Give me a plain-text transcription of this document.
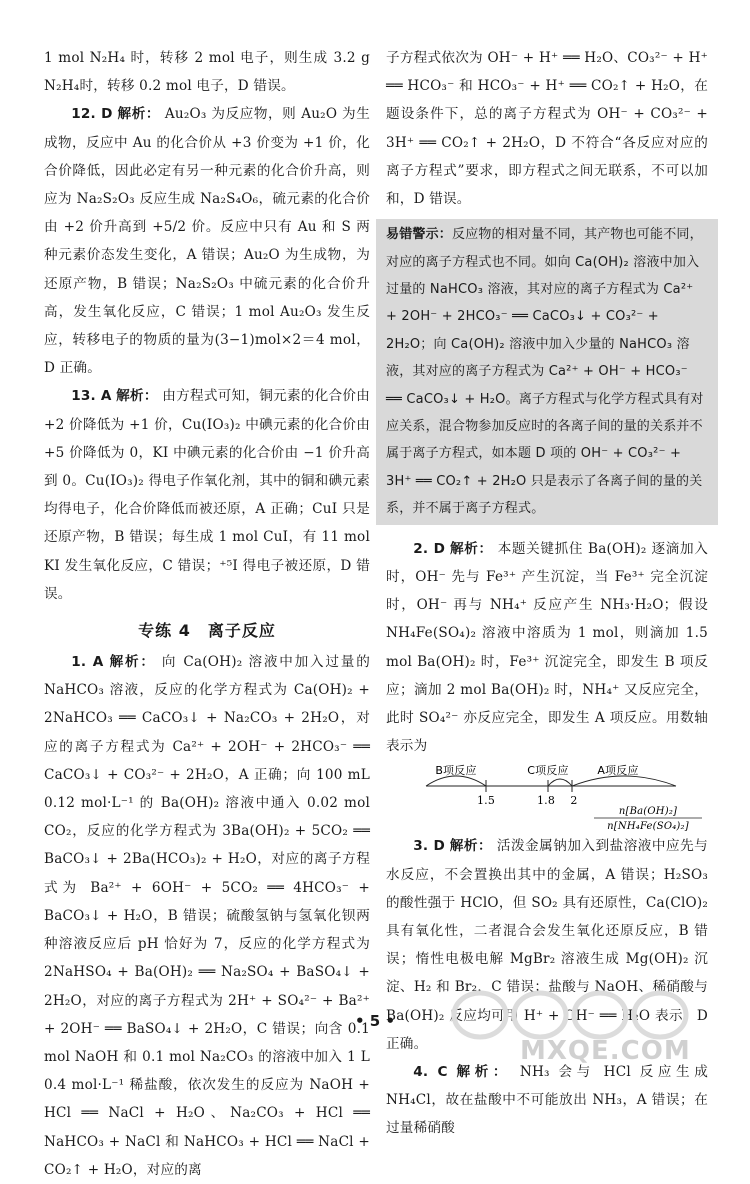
1 mol N₂H₄ 时，转移 2 mol 电子，则生成 3.2 g N₂H₄时，转移 0.2 mol 电子，D 错误。

12. D 解析： Au₂O₃ 为反应物，则 Au₂O 为生成物，反应中 Au 的化合价从 +3 价变为 +1 价，化合价降低，因此必定有另一种元素的化合价升高，则应为 Na₂S₂O₃ 反应生成 Na₂S₄O₆，硫元素的化合价由 +2 价升高到 +5/2 价。反应中只有 Au 和 S 两种元素价态发生变化，A 错误；Au₂O 为生成物，为还原产物，B 错误；Na₂S₂O₃ 中硫元素的化合价升高，发生氧化反应，C 错误；1 mol Au₂O₃ 发生反应，转移电子的物质的量为(3−1)mol×2＝4 mol，D 正确。

13. A 解析： 由方程式可知，铜元素的化合价由 +2 价降低为 +1 价，Cu(IO₃)₂ 中碘元素的化合价由 +5 价降低为 0，KI 中碘元素的化合价由 −1 价升高到 0。Cu(IO₃)₂ 得电子作氧化剂，其中的铜和碘元素均得电子，化合价降低而被还原，A 正确；CuI 只是还原产物，B 错误；每生成 1 mol CuI，有 11 mol KI 发生氧化反应，C 错误；⁺⁵I 得电子被还原，D 错误。

专练 4　离子反应

1. A 解析： 向 Ca(OH)₂ 溶液中加入过量的 NaHCO₃ 溶液，反应的化学方程式为 Ca(OH)₂ + 2NaHCO₃ ══ CaCO₃↓ + Na₂CO₃ + 2H₂O，对应的离子方程式为 Ca²⁺ + 2OH⁻ + 2HCO₃⁻ ══ CaCO₃↓ + CO₃²⁻ + 2H₂O，A 正确；向 100 mL 0.12 mol·L⁻¹ 的 Ba(OH)₂ 溶液中通入 0.02 mol CO₂，反应的化学方程式为 3Ba(OH)₂ + 5CO₂ ══ BaCO₃↓ + 2Ba(HCO₃)₂ + H₂O，对应的离子方程式为 Ba²⁺ + 6OH⁻ + 5CO₂ ══ 4HCO₃⁻ + BaCO₃↓ + H₂O，B 错误；硫酸氢钠与氢氧化钡两种溶液反应后 pH 恰好为 7，反应的化学方程式为 2NaHSO₄ + Ba(OH)₂ ══ Na₂SO₄ + BaSO₄↓ + 2H₂O，对应的离子方程式为 2H⁺ + SO₄²⁻ + Ba²⁺ + 2OH⁻ ══ BaSO₄↓ + 2H₂O，C 错误；向含 0.1 mol NaOH 和 0.1 mol Na₂CO₃ 的溶液中加入 1 L 0.4 mol·L⁻¹ 稀盐酸，依次发生的反应为 NaOH + HCl ══ NaCl + H₂O、Na₂CO₃ + HCl ══ NaHCO₃ + NaCl 和 NaHCO₃ + HCl ══ NaCl + CO₂↑ + H₂O，对应的离

子方程式依次为 OH⁻ + H⁺ ══ H₂O、CO₃²⁻ + H⁺ ══ HCO₃⁻ 和 HCO₃⁻ + H⁺ ══ CO₂↑ + H₂O，在题设条件下，总的离子方程式为 OH⁻ + CO₃²⁻ + 3H⁺ ══ CO₂↑ + 2H₂O，D 不符合“各反应对应的离子方程式”要求，即方程式之间无联系，不可以加和，D 错误。

易错警示：反应物的相对量不同，其产物也可能不同，对应的离子方程式也不同。如向 Ca(OH)₂ 溶液中加入过量的 NaHCO₃ 溶液，其对应的离子方程式为 Ca²⁺ + 2OH⁻ + 2HCO₃⁻ ══ CaCO₃↓ + CO₃²⁻ + 2H₂O；向 Ca(OH)₂ 溶液中加入少量的 NaHCO₃ 溶液，其对应的离子方程式为 Ca²⁺ + OH⁻ + HCO₃⁻ ══ CaCO₃↓ + H₂O。离子方程式与化学方程式具有对应关系，混合物参加反应时的各离子间的量的关系并不属于离子方程式，如本题 D 项的 OH⁻ + CO₃²⁻ + 3H⁺ ══ CO₂↑ + 2H₂O 只是表示了各离子间的量的关系，并不属于离子方程式。

2. D 解析： 本题关键抓住 Ba(OH)₂ 逐滴加入时，OH⁻ 先与 Fe³⁺ 产生沉淀，当 Fe³⁺ 完全沉淀时，OH⁻ 再与 NH₄⁺ 反应产生 NH₃·H₂O；假设 NH₄Fe(SO₄)₂ 溶液中溶质为 1 mol，则滴加 1.5 mol Ba(OH)₂ 时，Fe³⁺ 沉淀完全，即发生 B 项反应；滴加 2 mol Ba(OH)₂ 时，NH₄⁺ 又反应完全，此时 SO₄²⁻ 亦反应完全，即发生 A 项反应。用数轴表示为

B项反应	C项反应	A项反应
1.5	1.8 2
n[Ba(OH)₂]
n[NH₄Fe(SO₄)₂]

3. D 解析： 活泼金属钠加入到盐溶液中应先与水反应，不会置换出其中的金属，A 错误；H₂SO₃ 的酸性强于 HClO，但 SO₂ 具有还原性，Ca(ClO)₂ 具有氧化性，二者混合会发生氧化还原反应，B 错误；惰性电极电解 MgBr₂ 溶液生成 Mg(OH)₂ 沉淀、H₂ 和 Br₂，C 错误；盐酸与 NaOH、稀硝酸与 Ba(OH)₂ 反应均可用 H⁺ + OH⁻ ══ H₂O 表示，D 正确。

4. C 解析： NH₃ 会与 HCl 反应生成 NH₄Cl，故在盐酸中不可能放出 NH₃，A 错误；在过量稀硝酸

• 5 •
MXQE.COM
